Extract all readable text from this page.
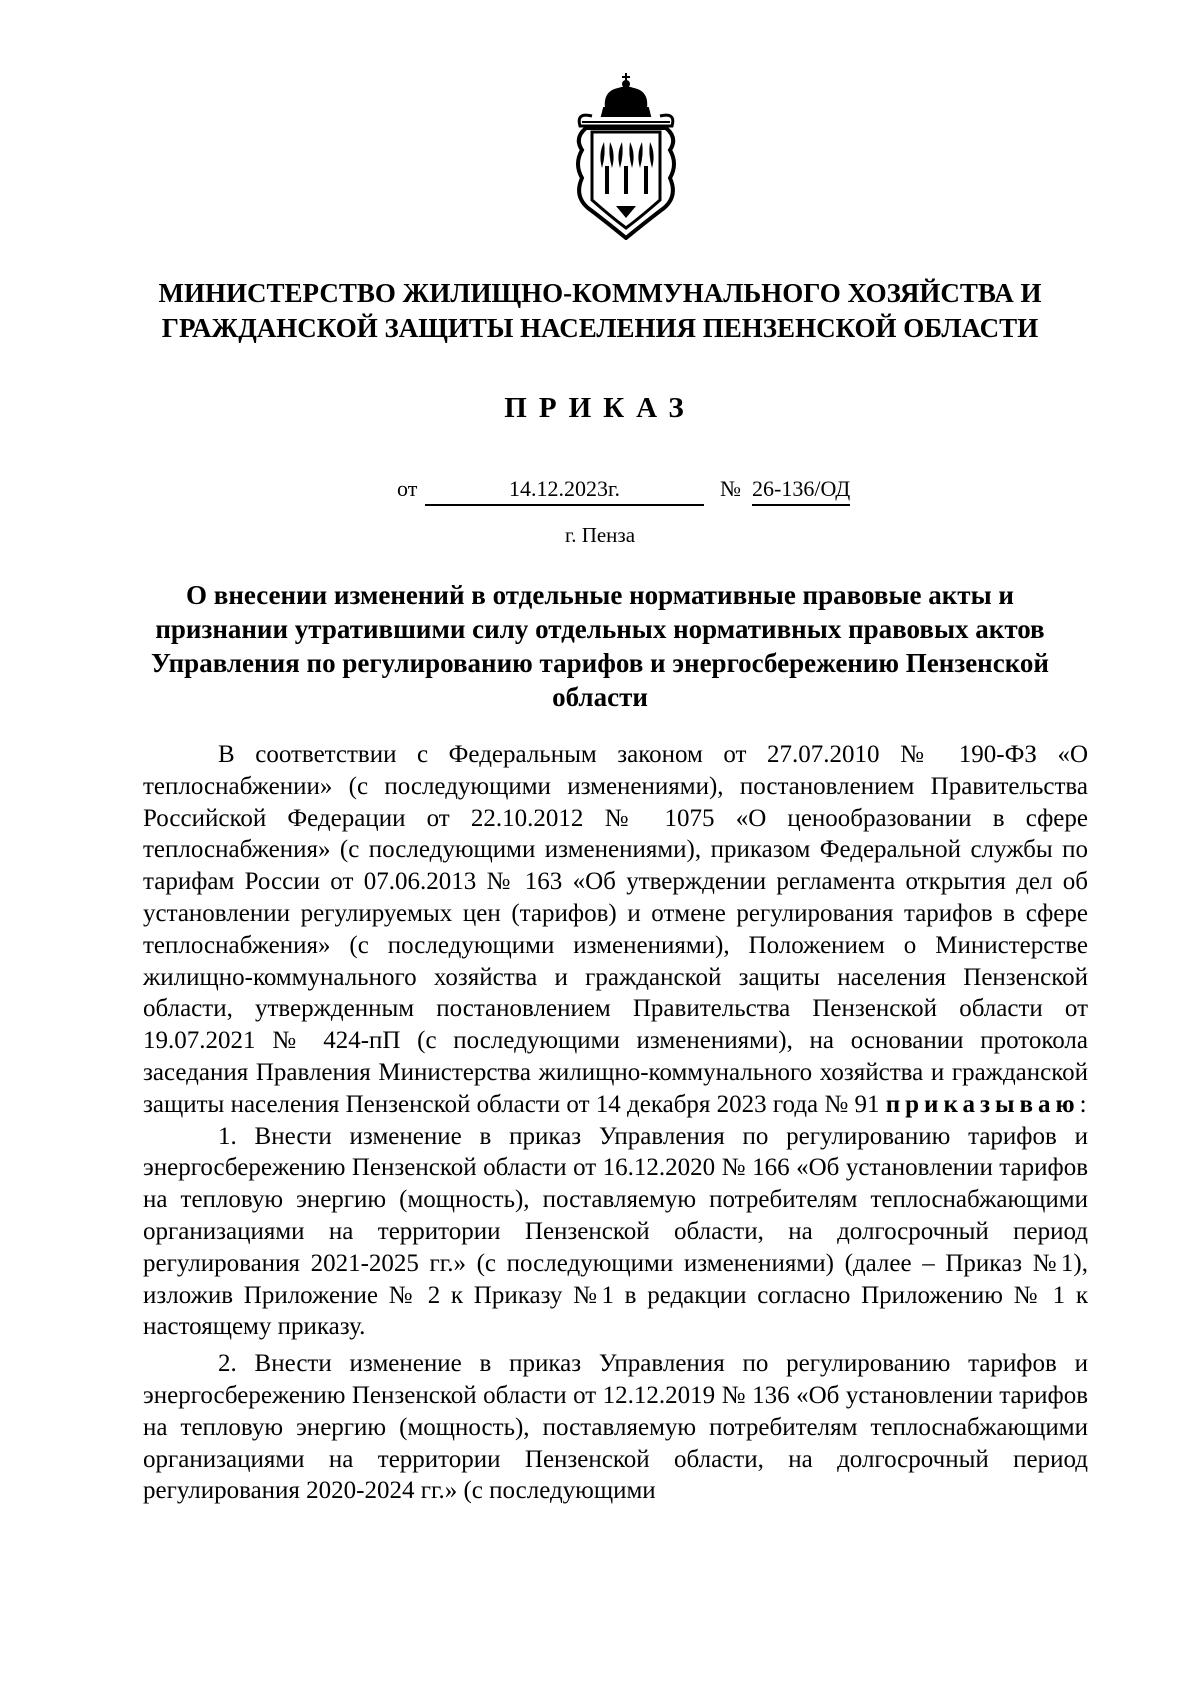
МИНИСТЕРСТВО ЖИЛИЩНО-КОММУНАЛЬНОГО ХОЗЯЙСТВА И
ГРАЖДАНСКОЙ ЗАЩИТЫ НАСЕЛЕНИЯ ПЕНЗЕНСКОЙ ОБЛАСТИ
ПРИКАЗ
от	14.12.2023г.	№ 26-136/ОД
г. Пенза
О внесении изменений в отдельные нормативные правовые акты и
признании утратившими силу отдельных нормативных правовых актов
Управления по регулированию тарифов и энергосбережению Пензенской
области

В соответствии с Федеральным законом от 27.07.2010 № 190-ФЗ «О теплоснабжении» (с последующими изменениями), постановлением Правительства Российской Федерации от 22.10.2012 № 1075 «О ценообразовании в сфере теплоснабжения» (с последующими изменениями), приказом Федеральной службы по тарифам России от 07.06.2013 № 163 «Об утверждении регламента открытия дел об установлении регулируемых цен (тарифов) и отмене регулирования тарифов в сфере теплоснабжения» (с последующими изменениями), Положением о Министерстве жилищно-коммунального хозяйства и гражданской защиты населения Пензенской области, утвержденным постановлением Правительства Пензенской области от 19.07.2021 № 424-пП (с последующими изменениями), на основании протокола заседания Правления Министерства жилищно-коммунального хозяйства и гражданской защиты населения Пензенской области от 14 декабря 2023 года № 91 приказываю:

1. Внести изменение в приказ Управления по регулированию тарифов и энергосбережению Пензенской области от 16.12.2020 № 166 «Об установлении тарифов на тепловую энергию (мощность), поставляемую потребителям теплоснабжающими организациями на территории Пензенской области, на долгосрочный период регулирования 2021-2025 гг.» (с последующими изменениями) (далее – Приказ №1), изложив Приложение № 2 к Приказу №1 в редакции согласно Приложению № 1 к настоящему приказу.

2. Внести изменение в приказ Управления по регулированию тарифов и энергосбережению Пензенской области от 12.12.2019 № 136 «Об установлении тарифов на тепловую энергию (мощность), поставляемую потребителям теплоснабжающими организациями на территории Пензенской области, на долгосрочный период регулирования 2020-2024 гг.» (с последующими
